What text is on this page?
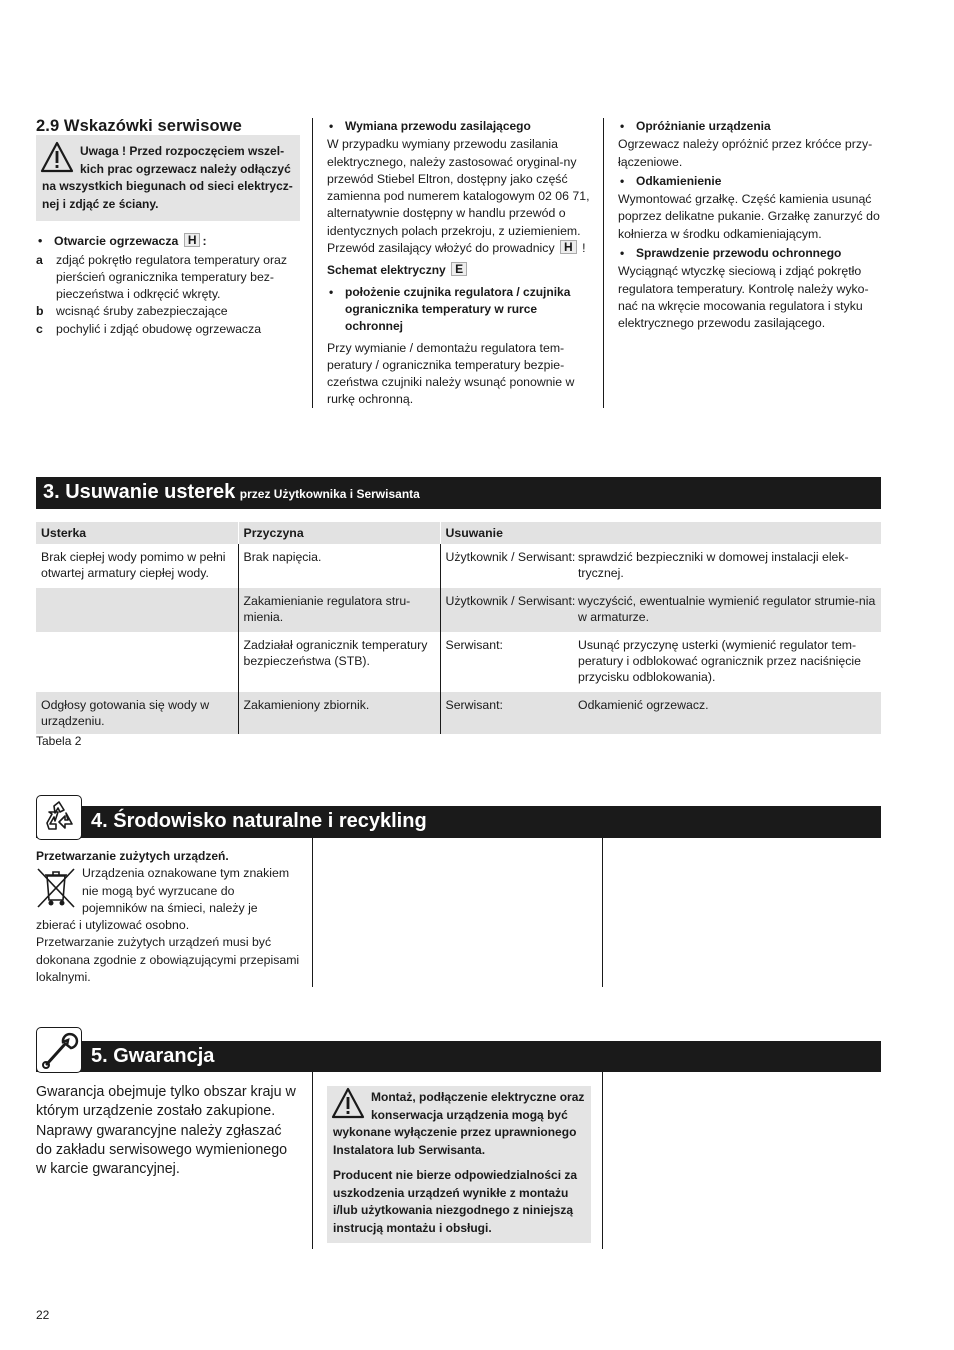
2.9 Wskazówki serwisowe

Uwaga ! Przed rozpoczęciem wszel-kich prac ogrzewacz należy odłączyć na wszystkich biegunach od sieci elektrycz-nej i zdjąć ze ściany.

• Otwarcie ogrzewacza H :

a zdjąć pokrętło regulatora temperatury oraz pierścień ogranicznika temperatury bez-pieczeństwa i odkręcić wkręty.

b wcisnąć śruby zabezpieczające

c pochylić i zdjąć obudowę ogrzewacza

• Wymiana przewodu zasilającego

W przypadku wymiany przewodu zasilania elektrycznego, należy zastosować oryginal-ny przewód Stiebel Eltron, dostępny jako część zamienna pod numerem katalogowym 02 06 71, alternatywnie dostępny w handlu przewód o identycznych polach przekroju, z uziemieniem. Przewód zasilający włożyć do prowadnicy H !

Schemat elektryczny E

• położenie czujnika regulatora / czujnika ogranicznika temperatury w rurce ochronnej

Przy wymianie / demontażu regulatora tem-peratury / ogranicznika temperatury bezpie-czeństwa czujniki należy wsunąć ponownie w rurkę ochronną.

• Opróżnianie urządzenia

Ogrzewacz należy opróżnić przez króćce przy-łączeniowe.

• Odkamienienie

Wymontować grzałkę. Część kamienia usunąć poprzez delikatne pukanie. Grzałkę zanurzyć do kołnierza w środku odkamieniającym.

• Sprawdzenie przewodu ochronnego

Wyciągnąć wtyczkę sieciową i zdjąć pokrętło regulatora temperatury. Kontrolę należy wyko-nać na wkręcie mocowania regulatora i styku elektrycznego przewodu zasilającego.

3. Usuwanie usterek przez Użytkownika i Serwisanta
Usterka	Przyczyna	Usuwanie	
Brak ciepłej wody pomimo w pełni otwartej armatury ciepłej wody.	Brak napięcia.	Użytkownik / Serwisant:	sprawdzić bezpieczniki w domowej instalacji elek-trycznej.
	Zakamienianie regulatora stru-mienia.	Użytkownik / Serwisant:	wyczyścić, ewentualnie wymienić regulator strumie-nia w armaturze.
	Zadziałał ogranicznik temperatury bezpieczeństwa (STB).	Serwisant:	Usunąć przyczynę usterki (wymienić regulator tem-peratury i odblokować ogranicznik przez naciśnięcie przycisku odblokowania).
Odgłosy gotowania się wody w urządzeniu.	Zakamieniony zbiornik.	Serwisant:	Odkamienić ogrzewacz.
Tabela 2
4. Środowisko naturalne i recykling

Przetwarzanie zużytych urządzeń.

Urządzenia oznakowane tym znakiem nie mogą być wyrzucane do pojemników na śmieci, należy je

zbierać i utylizować osobno.

Przetwarzanie zużytych urządzeń musi być dokonana zgodnie z obowiązującymi przepisami lokalnymi.

5. Gwarancja
Gwarancja obejmuje tylko obszar kraju w którym urządzenie zostało zakupione. Naprawy gwarancyjne należy zgłaszać do zakładu serwisowego wymienionego w karcie gwarancyjnej.

Montaż, podłączenie elektryczne oraz konserwacja urządzenia mogą być wykonane wyłączenie przez uprawnionego Instalatora lub Serwisanta.

Producent nie bierze odpowiedzialności za uszkodzenia urządzeń wynikłe z montażu i/lub użytkowania niezgodnego z niniejszą instrucją montażu i obsługi.

22
